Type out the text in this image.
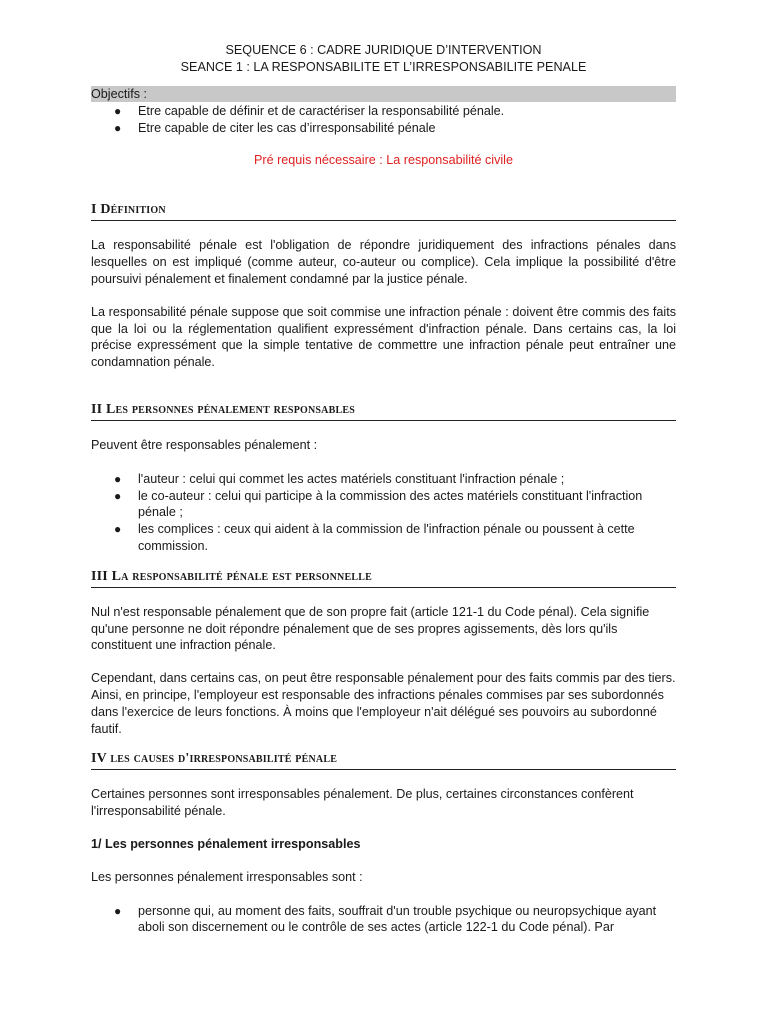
SEQUENCE 6 : CADRE JURIDIQUE D’INTERVENTION
SEANCE 1 : LA RESPONSABILITE ET L’IRRESPONSABILITE PENALE
Objectifs :
● Etre capable de définir et de caractériser la responsabilité pénale.
● Etre capable de citer les cas d’irresponsabilité pénale
Pré requis nécessaire : La responsabilité civile
I Définition

La responsabilité pénale est l'obligation de répondre juridiquement des infractions pénales dans lesquelles on est impliqué (comme auteur, co-auteur ou complice). Cela implique la possibilité d'être poursuivi pénalement et finalement condamné par la justice pénale.

La responsabilité pénale suppose que soit commise une infraction pénale : doivent être commis des faits que la loi ou la réglementation qualifient expressément d'infraction pénale. Dans certains cas, la loi précise expressément que la simple tentative de commettre une infraction pénale peut entraîner une condamnation pénale.

II Les personnes pénalement responsables

Peuvent être responsables pénalement :

● l'auteur : celui qui commet les actes matériels constituant l'infraction pénale ;
● le co-auteur : celui qui participe à la commission des actes matériels constituant l'infraction pénale ;
● les complices : ceux qui aident à la commission de l'infraction pénale ou poussent à cette commission.
III La responsabilité pénale est personnelle

Nul n'est responsable pénalement que de son propre fait (article 121-1 du Code pénal). Cela signifie qu'une personne ne doit répondre pénalement que de ses propres agissements, dès lors qu'ils constituent une infraction pénale.

Cependant, dans certains cas, on peut être responsable pénalement pour des faits commis par des tiers. Ainsi, en principe, l'employeur est responsable des infractions pénales commises par ses subordonnés dans l'exercice de leurs fonctions. À moins que l'employeur n'ait délégué ses pouvoirs au subordonné fautif.

IV les causes d'irresponsabilité pénale

Certaines personnes sont irresponsables pénalement. De plus, certaines circonstances confèrent l'irresponsabilité pénale.

1/ Les personnes pénalement irresponsables

Les personnes pénalement irresponsables sont :

● personne qui, au moment des faits, souffrait d'un trouble psychique ou neuropsychique ayant aboli son discernement ou le contrôle de ses actes (article 122-1 du Code pénal). Par
